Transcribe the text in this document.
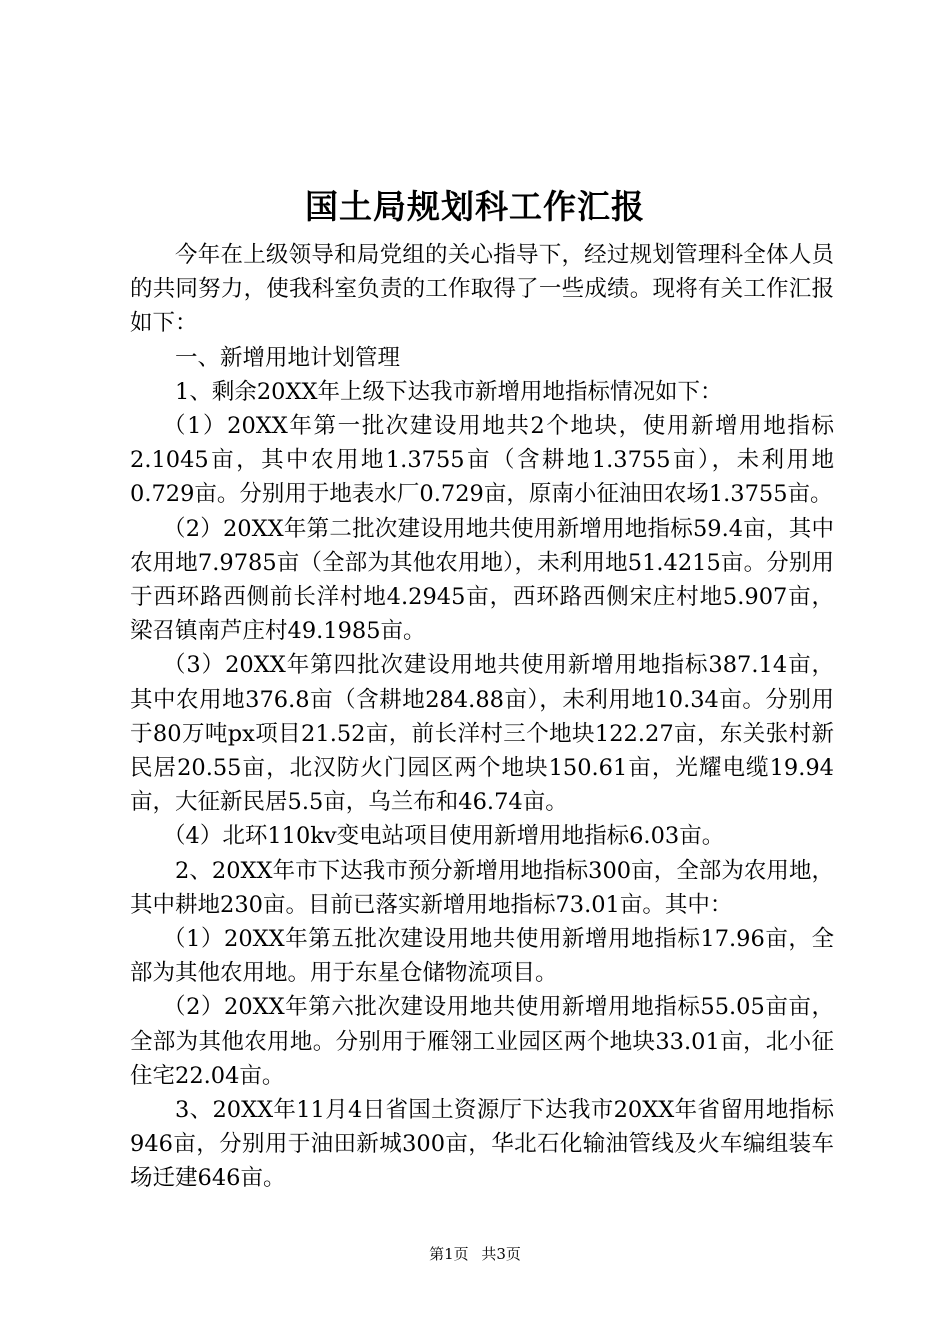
国土局规划科工作汇报

今年在上级领导和局党组的关心指导下，经过规划管理科全体人员的共同努力，使我科室负责的工作取得了一些成绩。现将有关工作汇报如下：

一、新增用地计划管理

1、剩余20XX年上级下达我市新增用地指标情况如下：

（1）20XX年第一批次建设用地共2个地块，使用新增用地指标2.1045亩，其中农用地1.3755亩（含耕地1.3755亩），未利用地0.729亩。分别用于地表水厂0.729亩，原南小征油田农场1.3755亩。

（2）20XX年第二批次建设用地共使用新增用地指标59.4亩，其中农用地7.9785亩（全部为其他农用地），未利用地51.4215亩。分别用于西环路西侧前长洋村地4.2945亩，西环路西侧宋庄村地5.907亩，梁召镇南芦庄村49.1985亩。

（3）20XX年第四批次建设用地共使用新增用地指标387.14亩，其中农用地376.8亩（含耕地284.88亩），未利用地10.34亩。分别用于80万吨px项目21.52亩，前长洋村三个地块122.27亩，东关张村新民居20.55亩，北汉防火门园区两个地块150.61亩，光耀电缆19.94亩，大征新民居5.5亩，乌兰布和46.74亩。

（4）北环110kv变电站项目使用新增用地指标6.03亩。

2、20XX年市下达我市预分新增用地指标300亩，全部为农用地，其中耕地230亩。目前已落实新增用地指标73.01亩。其中：

（1）20XX年第五批次建设用地共使用新增用地指标17.96亩，全部为其他农用地。用于东星仓储物流项目。

（2）20XX年第六批次建设用地共使用新增用地指标55.05亩亩，全部为其他农用地。分别用于雁翎工业园区两个地块33.01亩，北小征住宅22.04亩。

3、20XX年11月4日省国土资源厅下达我市20XX年省留用地指标946亩，分别用于油田新城300亩，华北石化输油管线及火车编组装车场迁建646亩。

第1页 共3页
